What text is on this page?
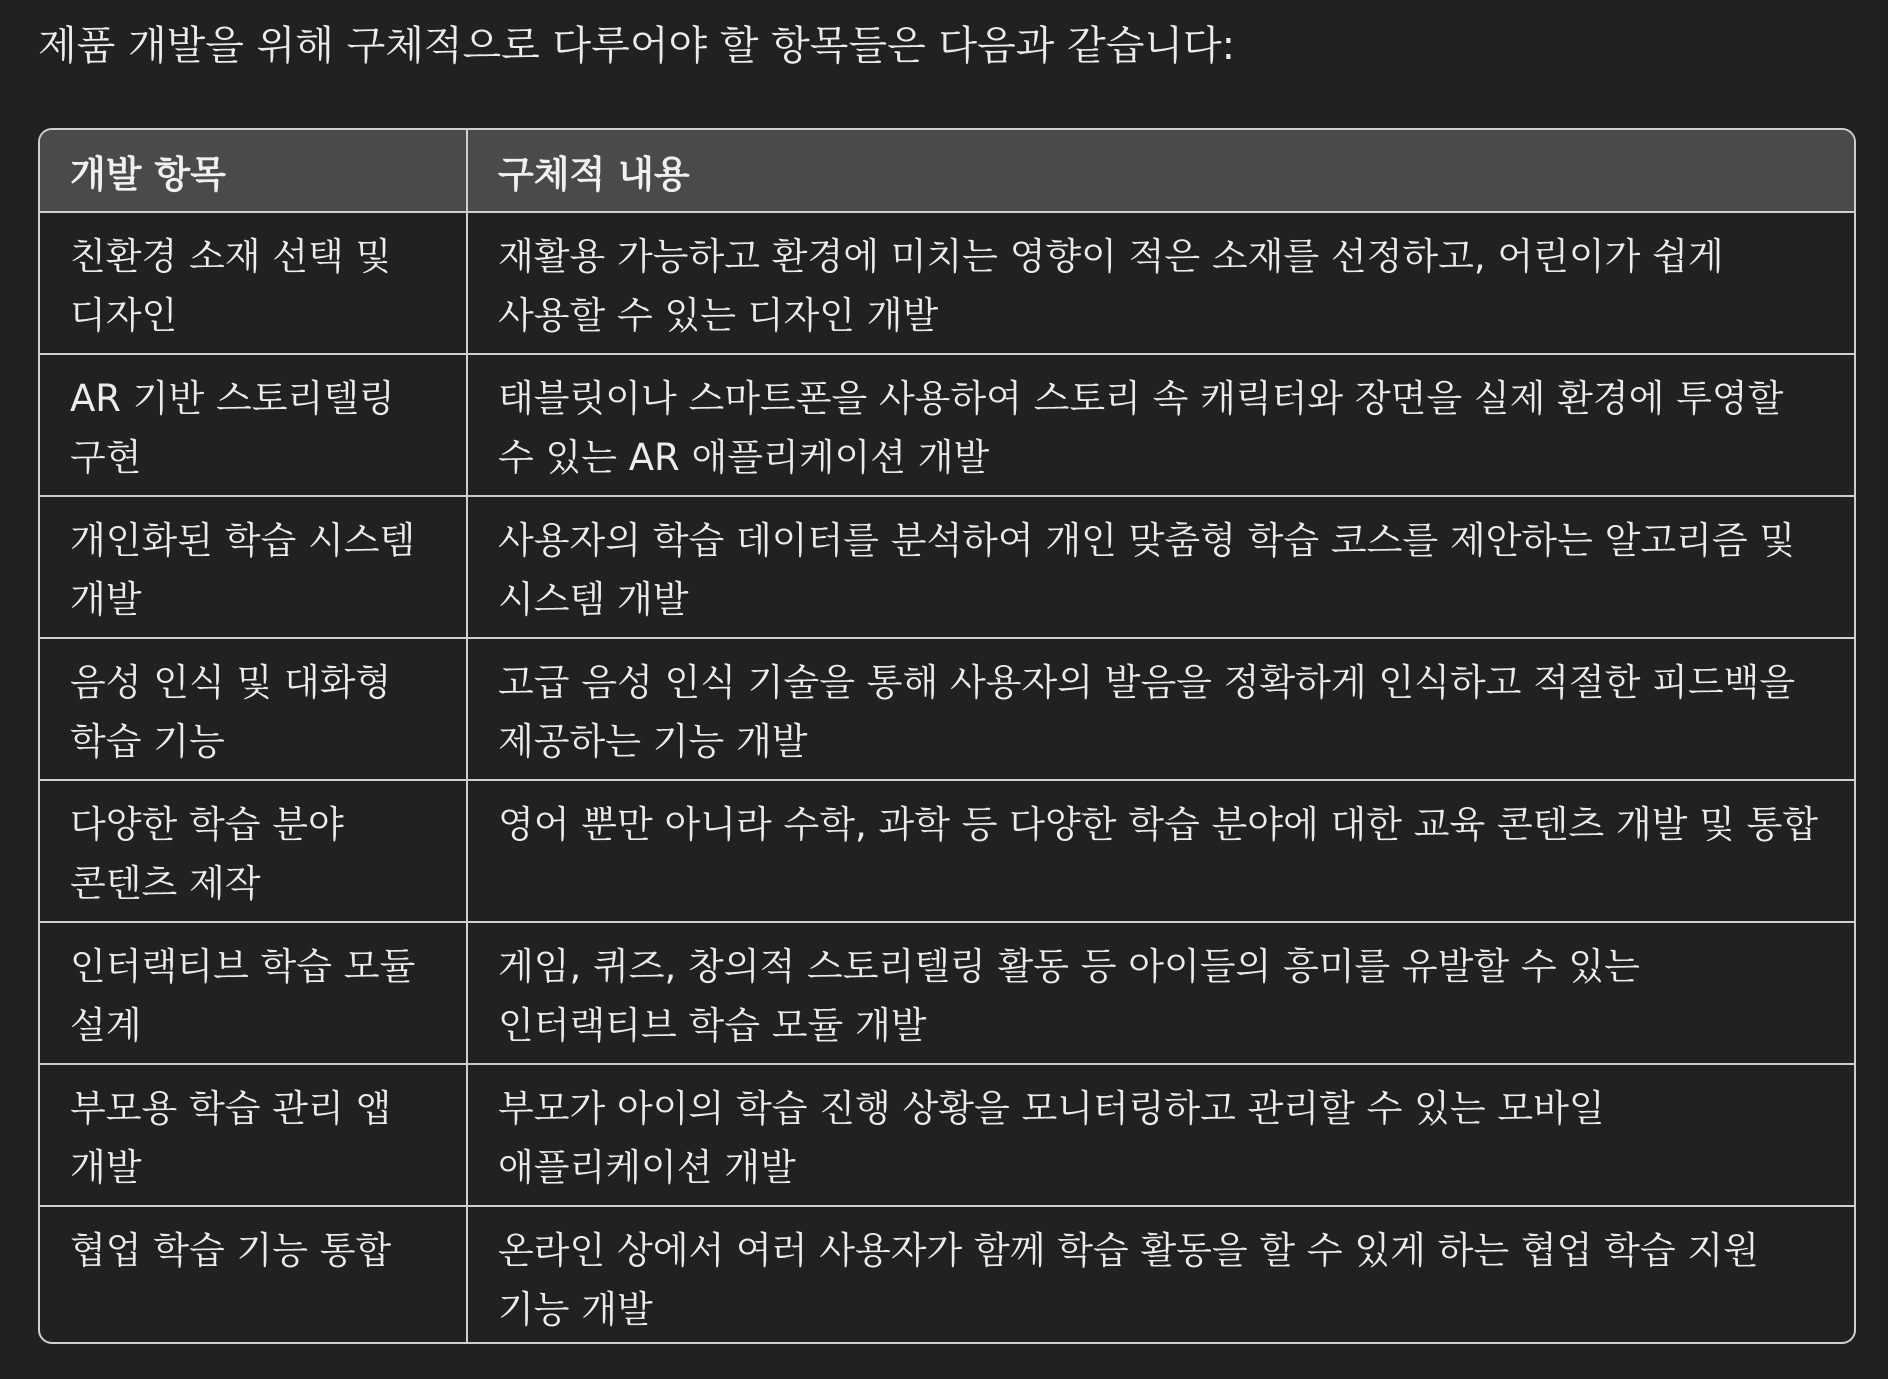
제품 개발을 위해 구체적으로 다루어야 할 항목들은 다음과 같습니다:

개발 항목	구체적 내용
친환경 소재 선택 및 디자인	재활용 가능하고 환경에 미치는 영향이 적은 소재를 선정하고, 어린이가 쉽게 사용할 수 있는 디자인 개발
AR 기반 스토리텔링 구현	태블릿이나 스마트폰을 사용하여 스토리 속 캐릭터와 장면을 실제 환경에 투영할 수 있는 AR 애플리케이션 개발
개인화된 학습 시스템 개발	사용자의 학습 데이터를 분석하여 개인 맞춤형 학습 코스를 제안하는 알고리즘 및 시스템 개발
음성 인식 및 대화형 학습 기능	고급 음성 인식 기술을 통해 사용자의 발음을 정확하게 인식하고 적절한 피드백을 제공하는 기능 개발
다양한 학습 분야 콘텐츠 제작	영어 뿐만 아니라 수학, 과학 등 다양한 학습 분야에 대한 교육 콘텐츠 개발 및 통합
인터랙티브 학습 모듈 설계	게임, 퀴즈, 창의적 스토리텔링 활동 등 아이들의 흥미를 유발할 수 있는 인터랙티브 학습 모듈 개발
부모용 학습 관리 앱 개발	부모가 아이의 학습 진행 상황을 모니터링하고 관리할 수 있는 모바일 애플리케이션 개발
협업 학습 기능 통합	온라인 상에서 여러 사용자가 함께 학습 활동을 할 수 있게 하는 협업 학습 지원 기능 개발
